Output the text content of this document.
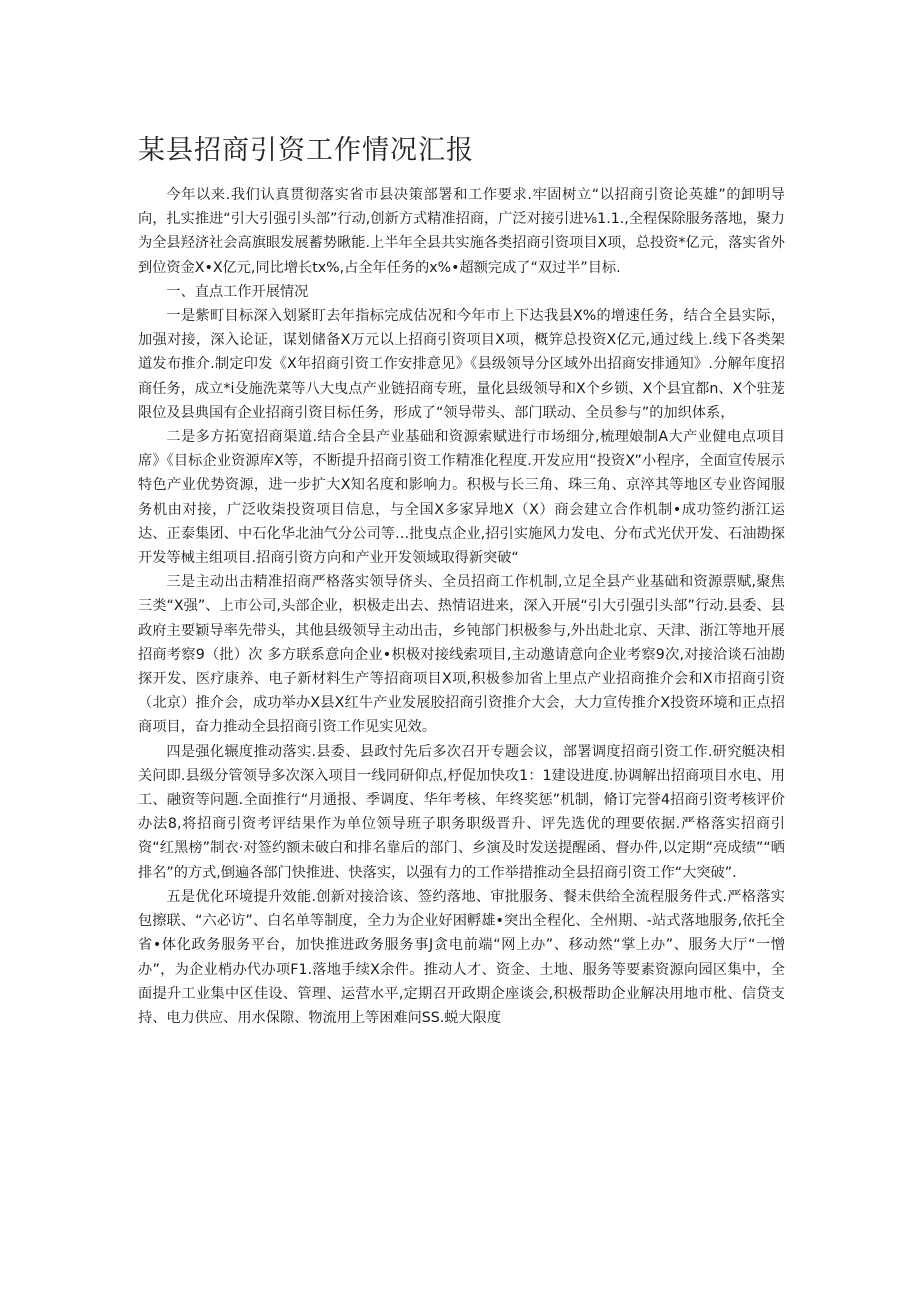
某县招商引资工作情况汇报

今年以来.我们认真贯彻落实省市县决策部署和工作要求.牢固树立“以招商引资论英雄”的卸明导向，扎实推进“引大引强引头部”行动,创新方式精准招商，广泛对接引进⅛1.1.,全程保除服务落地，聚力为全县羟济社会高旗眼发展蓄势瞅能.上半年全县共实施各类招商引资项目X项，总投资*亿元，落实省外到位资金X•X亿元,同比增长tx%,占全年任务的x%•超额完成了“双过半”目标.

一、直点工作开展情况

一是紫町目标深入划紧盯去年指标完成估况和今年市上下达我县X%的增速任务，结合全县实际，加强对接，深入论证，谋划储备X万元以上招商引资项目X项，概笄总投资X亿元,通过线上.线下各类架道发布推介.制定印发《X年招商引资工作安排意见》《县级领导分区域外出招商安排通知》.分解年度招商任务，成立*i殳施洗菜等八大曳点产业链招商专班，量化县级领导和X个乡锁、X个县宜都n、X个驻茏限位及县典国有企业招商引资目标任务，形成了“领导带头、部门联动、全员参与”的加织体系，

二是多方拓宽招商渠道.结合全县产业基础和资源索赋进行市场细分,梳理娘制A大产业健电点项目席》《目标企业资源库X等，不断提升招商引资工作精准化程度.开发应用“投资X”小程序，全面宣传展示特色产业优势资源，进一步扩大X知名度和影响力。积极与长三角、珠三角、京淬其等地区专业咨闻服务机由对接，广泛收柒投资项目信息，与全国X多家异地X（X）商会建立合作机制•成功签约浙江运达、正泰集团、中石化华北油气分公司等…批曳点企业,招引实施风力发电、分布式光伏开发、石油勘探开发等械主组项目.招商引资方向和产业开发领域取得新突破“

三是主动出击精准招商严格落实领导侪头、全员招商工作机制,立足全县产业基础和资源票赋,聚焦三类“X强”、上市公司,头部企业，枳极走出去、热情诏进来，深入开展“引大引强引头部”行动.县委、县政府主要颖导率先带头，其他县级领导主动出击，乡钝部门枳极参与,外出赴北京、天津、浙江等地开展招商考察9（批）次 多方联系意向企业•枳极对接线索项目,主动邀请意向企业考察9次,对接洽谈石油勘探开发、医疗康养、电子新材料生产等招商项目X项,积极参加省上里点产业招商推介会和X市招商引资（北京）推介会，成功举办X县X红牛产业发展胶招商引资推介大会，大力宣传推介X投资环境和正点招商项目，奋力推动全县招商引资工作见实见效。

四是强化辗度推动落实.县委、县政忖先后多次召开专题会议，部署调度招商引资工作.研究艇决相关问即.县级分管领导多次深入项目一线同研仰点,杼促加快攻1：1建设进度.协调解出招商项目水电、用工、融资等问题.全面推行“月通报、季调度、华年考核、年终奖惩”机制，脩订完誉4招商引资考核评价办法8,将招商引资考评结果作为单位领导班子职务职级晋升、评先选优的理要依据.严格落实招商引资“红黑榜”制衣·对签约额未破白和排名靠后的部门、乡演及时发送提醒函、督办件,以定期“亮成绩”“晒排名”的方式,倒遍各部门快推进、快落实，以强有力的工作举措推动全县招商引资工作“大突破”.

五是优化环境提升效能.创新对接洽该、签约落地、审批服务、餐未供给全流程服务件式.严格落实包擦联、“六必访”、白名单等制度，全力为企业好困孵雄•突出全程化、全州期、-站式落地服务,依托全省•体化政务服务平台，加快推进政务服务事J贪电前端“网上办”、移动然“掌上办”、服务大厅“一憎办”，为企业梢办代办项F1.落地手续X余件。推动人才、资金、土地、服务等要素资源向园区集中，全面提升工业集中区佳设、管理、运营水平,定期召开政期企座谈会,积极帮助企业解决用地市枇、信贷支持、电力供应、用水保隙、物流用上等困难问SS.蜕大限度
